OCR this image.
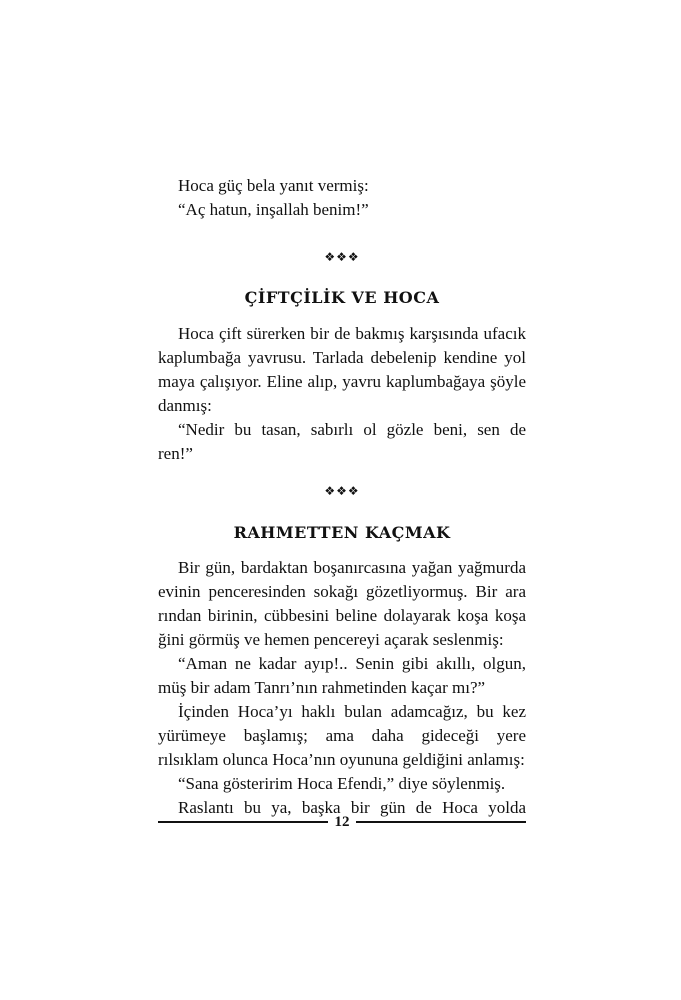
Hoca güç bela yanıt vermiş:
“Aç hatun, inşallah benim!”
❖❖❖
ÇİFTÇİLİK VE HOCA
Hoca çift sürerken bir de bakmış karşısında ufacık
kaplumbağa yavrusu. Tarlada debelenip kendine yol
maya çalışıyor. Eline alıp, yavru kaplumbağaya şöyle
danmış:
“Nedir bu tasan, sabırlı ol gözle beni, sen de
ren!”
❖❖❖
RAHMETTEN KAÇMAK
Bir gün, bardaktan boşanırcasına yağan yağmurda
evinin penceresinden sokağı gözetliyormuş. Bir ara
rından birinin, cübbesini beline dolayarak koşa koşa
ğini görmüş ve hemen pencereyi açarak seslenmiş:
“Aman ne kadar ayıp!.. Senin gibi akıllı, olgun,
müş bir adam Tanrı’nın rahmetinden kaçar mı?”
İçinden Hoca’yı haklı bulan adamcağız, bu kez
yürümeye başlamış; ama daha gideceği yere
rılsıklam olunca Hoca’nın oyununa geldiğini anlamış:
“Sana gösteririm Hoca Efendi,” diye söylenmiş.
Raslantı bu ya, başka bir gün de Hoca yolda
12
